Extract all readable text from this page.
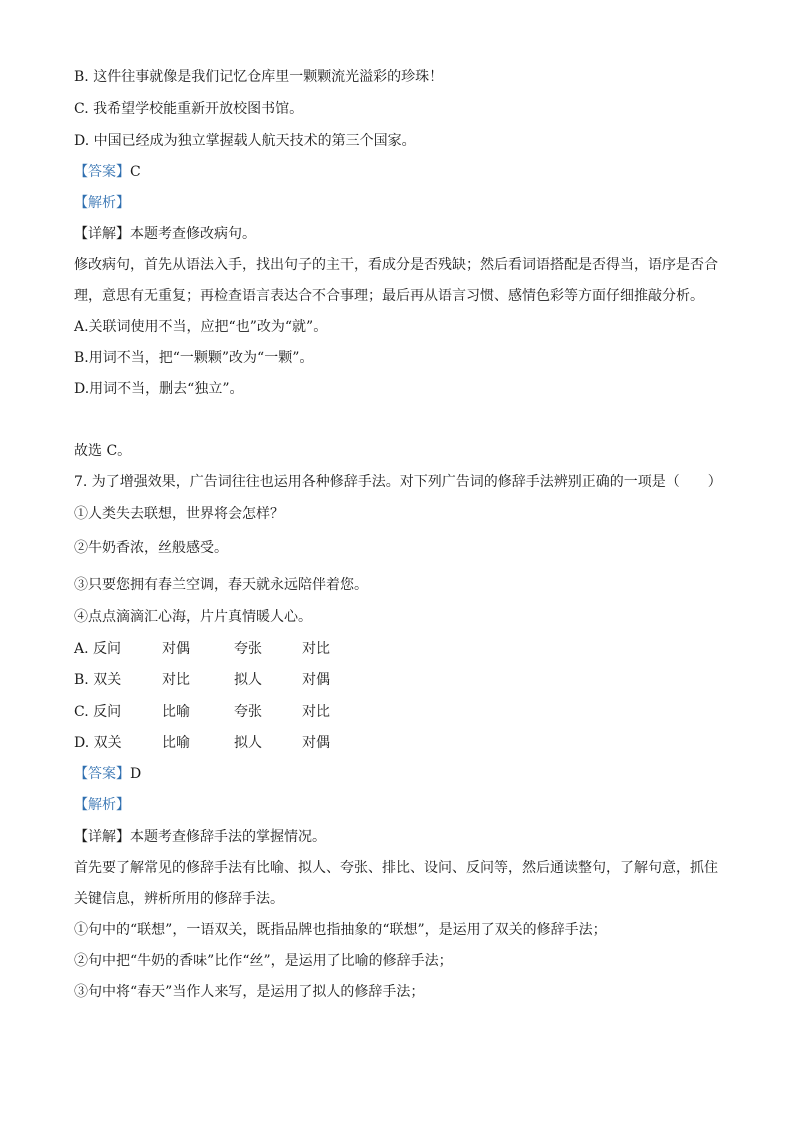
B. 这件往事就像是我们记忆仓库里一颗颗流光溢彩的珍珠！
C. 我希望学校能重新开放校图书馆。
D. 中国已经成为独立掌握载人航天技术的第三个国家。
【答案】C
【解析】
【详解】本题考查修改病句。
修改病句，首先从语法入手，找出句子的主干，看成分是否残缺；然后看词语搭配是否得当，语序是否合
理，意思有无重复；再检查语言表达合不合事理；最后再从语言习惯、感情色彩等方面仔细推敲分析。
A.关联词使用不当，应把“也”改为“就”。
B.用词不当，把“一颗颗”改为“一颗”。
D.用词不当，删去“独立”。
故选 C。
7. 为了增强效果，广告词往往也运用各种修辞手法。对下列广告词的修辞手法辨别正确的一项是（　　）
①人类失去联想，世界将会怎样？
②牛奶香浓，丝般感受。
③只要您拥有春兰空调，春天就永远陪伴着您。
④点点滴滴汇心海，片片真情暖人心。
A. 反问	对偶	夸张	对比
B. 双关	对比	拟人	对偶
C. 反问	比喻	夸张	对比
D. 双关	比喻	拟人	对偶
【答案】D
【解析】
【详解】本题考查修辞手法的掌握情况。
首先要了解常见的修辞手法有比喻、拟人、夸张、排比、设问、反问等，然后通读整句，了解句意，抓住
关键信息，辨析所用的修辞手法。
①句中的“联想”，一语双关，既指品牌也指抽象的“联想”，是运用了双关的修辞手法；
②句中把“牛奶的香味”比作“丝”，是运用了比喻的修辞手法；
③句中将“春天”当作人来写，是运用了拟人的修辞手法；
